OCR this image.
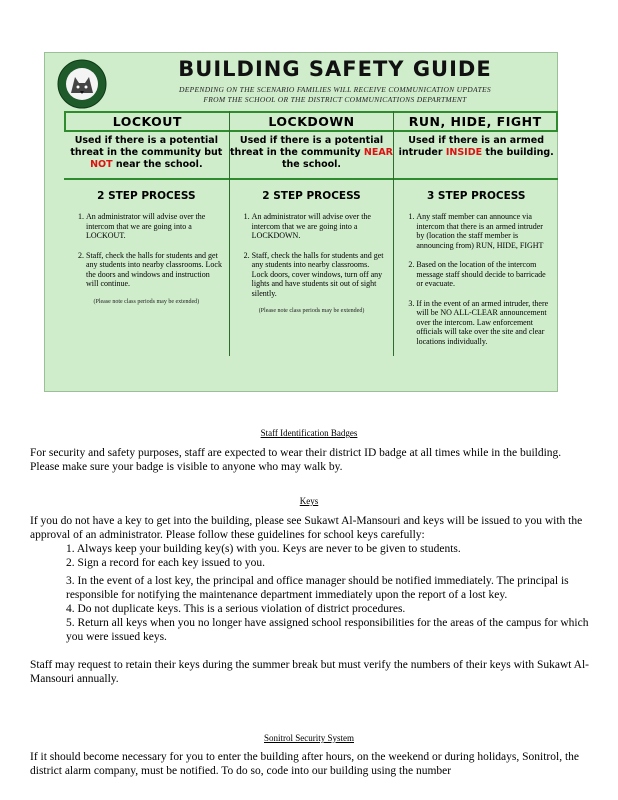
BUILDING SAFETY GUIDE
DEPENDING ON THE SCENARIO FAMILIES WILL RECEIVE COMMUNICATION UPDATES
FROM THE SCHOOL OR THE DISTRICT COMMUNICATIONS DEPARTMENT
LOCKOUT
Used if there is a potential threat in the community but NOT near the school.
2 STEP PROCESS
1. An administrator will advise over the intercom that we are going into a LOCKOUT.
2. Staff, check the halls for students and get any students into nearby classrooms. Lock the doors and windows and instruction will continue.
(Please note class periods may be extended)
LOCKDOWN
Used if there is a potential threat in the community NEAR the school.
2 STEP PROCESS
1. An administrator will advise over the intercom that we are going into a LOCKDOWN.
2. Staff, check the halls for students and get any students into nearby classrooms. Lock doors, cover windows, turn off any lights and have students sit out of sight silently.
(Please note class periods may be extended)
RUN, HIDE, FIGHT
Used if there is an armed intruder INSIDE the building.
3 STEP PROCESS
1. Any staff member can announce via intercom that there is an armed intruder by (location the staff member is announcing from) RUN, HIDE, FIGHT
2. Based on the location of the intercom message staff should decide to barricade or evacuate.
3. If in the event of an armed intruder, there will be NO ALL-CLEAR announcement over the intercom. Law enforcement officials will take over the site and clear locations individually.
Staff Identification Badges

For security and safety purposes, staff are expected to wear their district ID badge at all times while in the building. Please make sure your badge is visible to anyone who may walk by.

Keys

If you do not have a key to get into the building, please see Sukawt Al-Mansouri and keys will be issued to you with the approval of an administrator. Please follow these guidelines for school keys carefully:

1. Always keep your building key(s) with you. Keys are never to be given to students.
2. Sign a record for each key issued to you.
3. In the event of a lost key, the principal and office manager should be notified immediately. The principal is responsible for notifying the maintenance department immediately upon the report of a lost key.
4. Do not duplicate keys. This is a serious violation of district procedures.
5. Return all keys when you no longer have assigned school responsibilities for the areas of the campus for which you were issued keys.

Staff may request to retain their keys during the summer break but must verify the numbers of their keys with Sukawt Al-Mansouri annually.

Sonitrol Security System

If it should become necessary for you to enter the building after hours, on the weekend or during holidays, Sonitrol, the district alarm company, must be notified. To do so, code into our building using the number
